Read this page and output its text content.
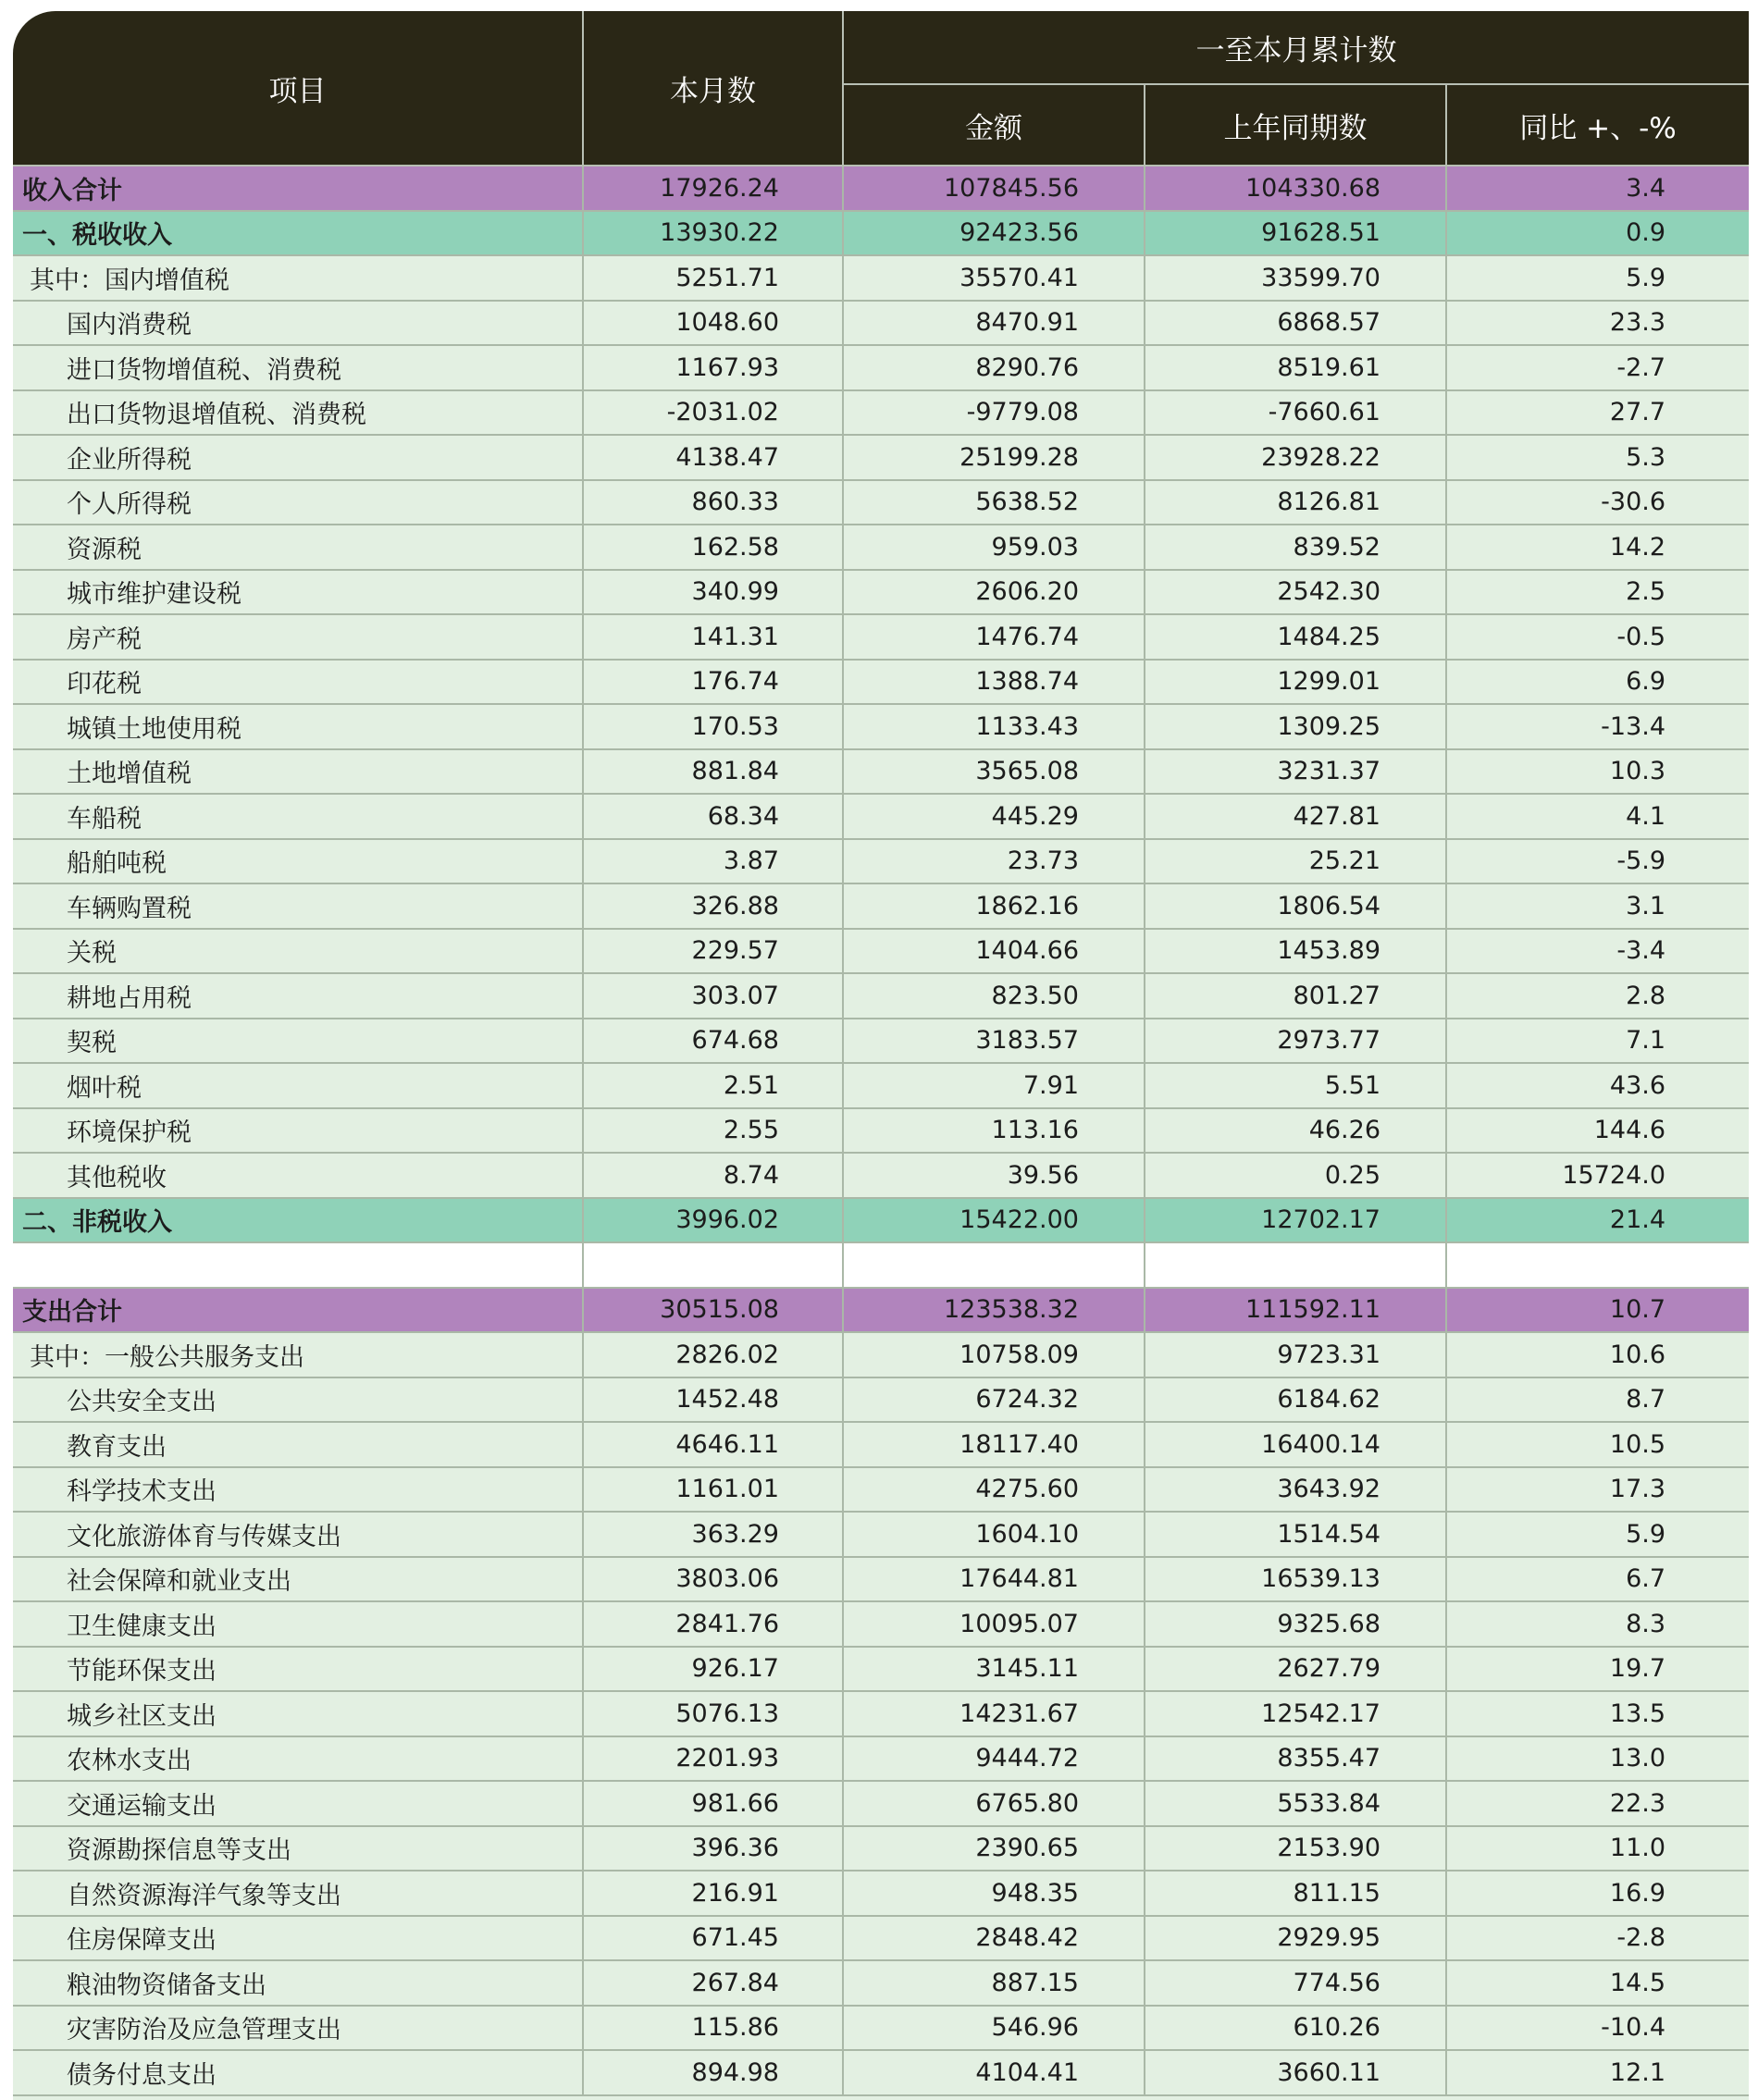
项目	本月数	一至本月累计数		
		金额	上年同期数	同比 +、-%
收入合计	17926.24	107845.56	104330.68	3.4
一、税收收入	13930.22	92423.56	91628.51	0.9
其中：国内增值税	5251.71	35570.41	33599.70	5.9
国内消费税	1048.60	8470.91	6868.57	23.3
进口货物增值税、消费税	1167.93	8290.76	8519.61	-2.7
出口货物退增值税、消费税	-2031.02	-9779.08	-7660.61	27.7
企业所得税	4138.47	25199.28	23928.22	5.3
个人所得税	860.33	5638.52	8126.81	-30.6
资源税	162.58	959.03	839.52	14.2
城市维护建设税	340.99	2606.20	2542.30	2.5
房产税	141.31	1476.74	1484.25	-0.5
印花税	176.74	1388.74	1299.01	6.9
城镇土地使用税	170.53	1133.43	1309.25	-13.4
土地增值税	881.84	3565.08	3231.37	10.3
车船税	68.34	445.29	427.81	4.1
船舶吨税	3.87	23.73	25.21	-5.9
车辆购置税	326.88	1862.16	1806.54	3.1
关税	229.57	1404.66	1453.89	-3.4
耕地占用税	303.07	823.50	801.27	2.8
契税	674.68	3183.57	2973.77	7.1
烟叶税	2.51	7.91	5.51	43.6
环境保护税	2.55	113.16	46.26	144.6
其他税收	8.74	39.56	0.25	15724.0
二、非税收入	3996.02	15422.00	12702.17	21.4

支出合计	30515.08	123538.32	111592.11	10.7
其中：一般公共服务支出	2826.02	10758.09	9723.31	10.6
公共安全支出	1452.48	6724.32	6184.62	8.7
教育支出	4646.11	18117.40	16400.14	10.5
科学技术支出	1161.01	4275.60	3643.92	17.3
文化旅游体育与传媒支出	363.29	1604.10	1514.54	5.9
社会保障和就业支出	3803.06	17644.81	16539.13	6.7
卫生健康支出	2841.76	10095.07	9325.68	8.3
节能环保支出	926.17	3145.11	2627.79	19.7
城乡社区支出	5076.13	14231.67	12542.17	13.5
农林水支出	2201.93	9444.72	8355.47	13.0
交通运输支出	981.66	6765.80	5533.84	22.3
资源勘探信息等支出	396.36	2390.65	2153.90	11.0
自然资源海洋气象等支出	216.91	948.35	811.15	16.9
住房保障支出	671.45	2848.42	2929.95	-2.8
粮油物资储备支出	267.84	887.15	774.56	14.5
灾害防治及应急管理支出	115.86	546.96	610.26	-10.4
债务付息支出	894.98	4104.41	3660.11	12.1
